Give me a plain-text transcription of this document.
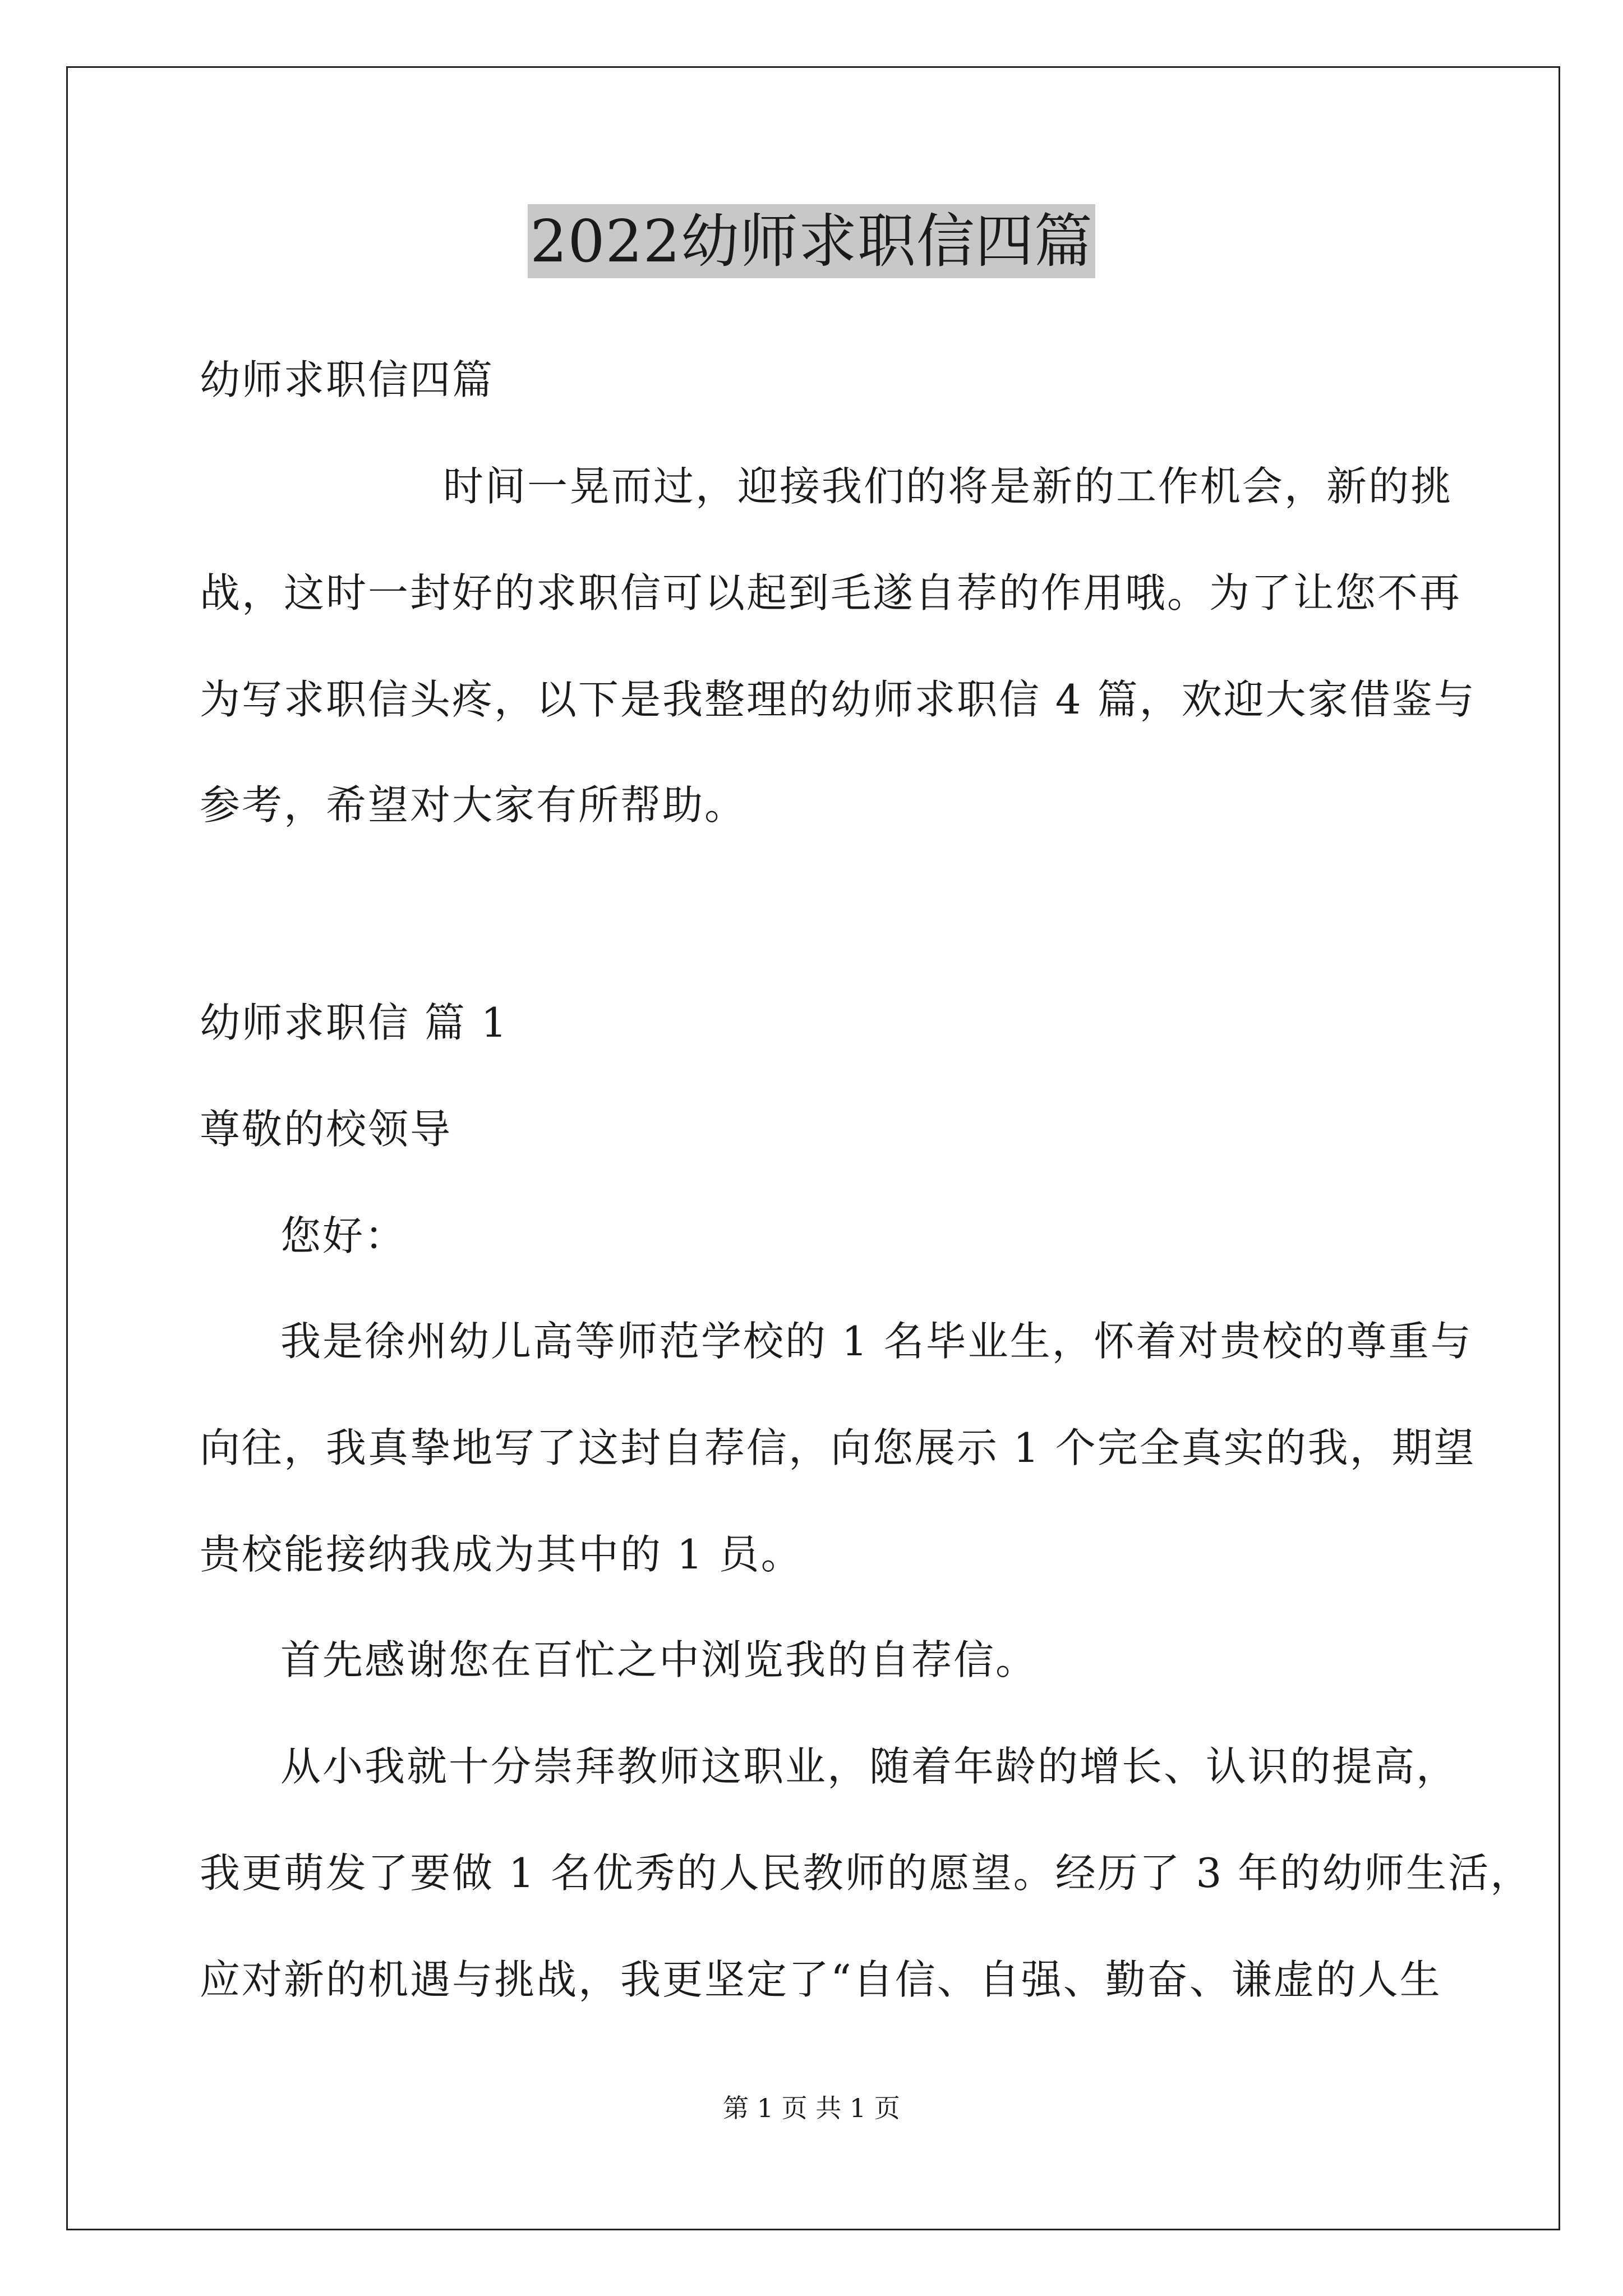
2022幼师求职信四篇
幼师求职信四篇
时间一晃而过，迎接我们的将是新的工作机会，新的挑
战，这时一封好的求职信可以起到毛遂自荐的作用哦。为了让您不再
为写求职信头疼，以下是我整理的幼师求职信 4 篇，欢迎大家借鉴与
参考，希望对大家有所帮助。
幼师求职信 篇 1
尊敬的校领导
您好：
我是徐州幼儿高等师范学校的 1 名毕业生，怀着对贵校的尊重与
向往，我真挚地写了这封自荐信，向您展示 1 个完全真实的我，期望
贵校能接纳我成为其中的 1 员。
首先感谢您在百忙之中浏览我的自荐信。
从小我就十分崇拜教师这职业，随着年龄的增长、认识的提高，
我更萌发了要做 1 名优秀的人民教师的愿望。经历了 3 年的幼师生活，
应对新的机遇与挑战，我更坚定了“自信、自强、勤奋、谦虚的人生
第 1 页 共 1 页
